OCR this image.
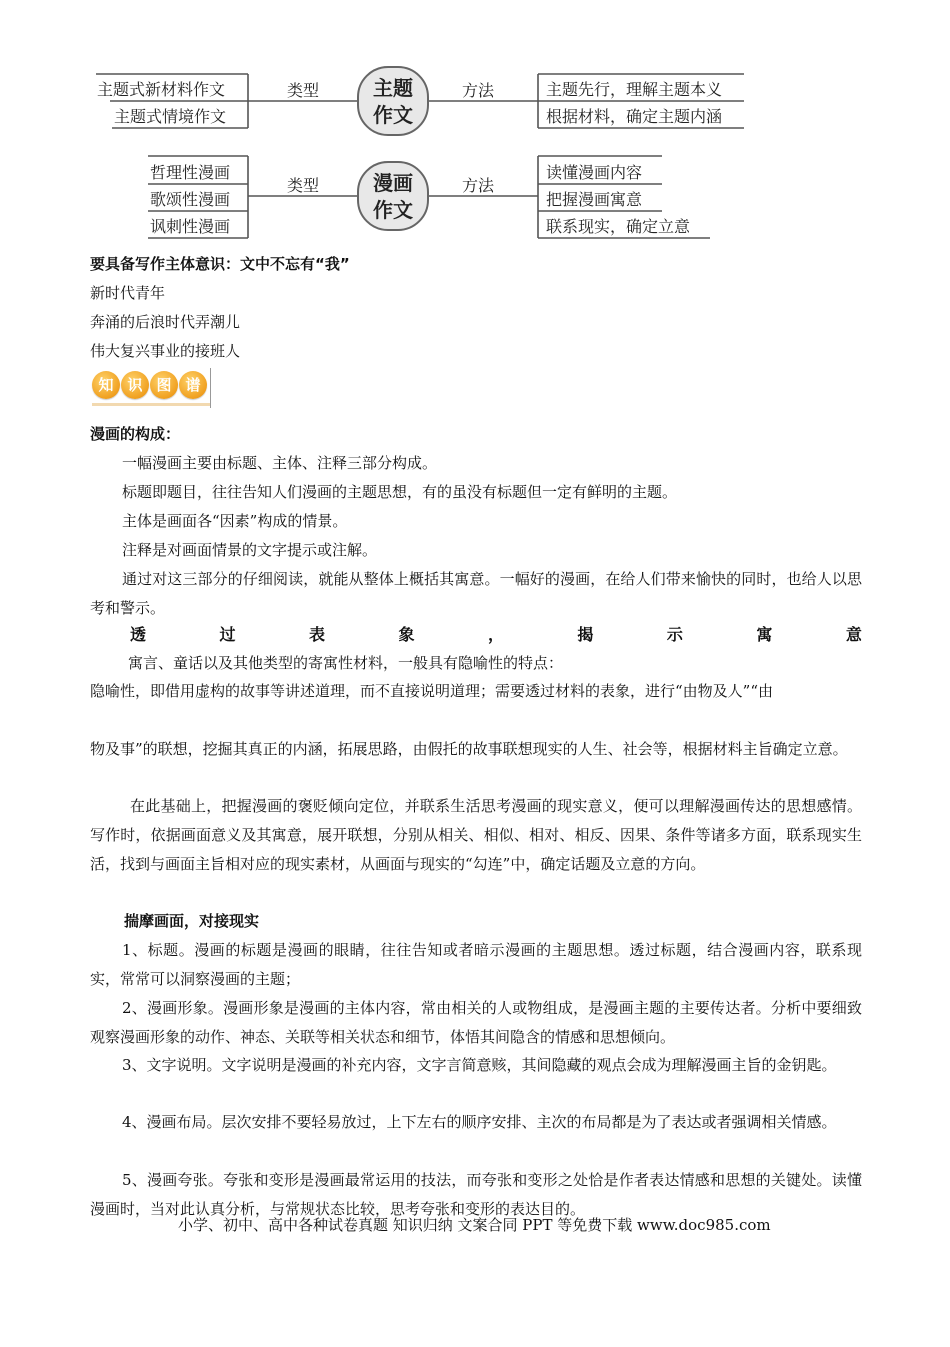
主题
作文
类型	方法
主题式新材料作文
主题式情境作文
主题先行，理解主题本义
根据材料，确定主题内涵
漫画
作文
类型	方法
哲理性漫画
歌颂性漫画
讽刺性漫画
读懂漫画内容
把握漫画寓意
联系现实，确定立意
要具备写作主体意识：文中不忘有“我”
新时代青年
奔涌的后浪时代弄潮儿
伟大复兴事业的接班人
知 识 图 谱
漫画的构成：
一幅漫画主要由标题、主体、注释三部分构成。
标题即题目，往往告知人们漫画的主题思想，有的虽没有标题但一定有鲜明的主题。
主体是画面各“因素”构成的情景。
注释是对画面情景的文字提示或注解。
通过对这三部分的仔细阅读，就能从整体上概括其寓意。一幅好的漫画，在给人们带来愉快的同时，也给人以思考和警示。
透	过	表	象	，	揭	示	寓	意
寓言、童话以及其他类型的寄寓性材料，一般具有隐喻性的特点：
隐喻性，即借用虚构的故事等讲述道理，而不直接说明道理；需要透过材料的表象，进行“由物及人”“由
物及事”的联想，挖掘其真正的内涵，拓展思路，由假托的故事联想现实的人生、社会等，根据材料主旨确定立意。
在此基础上，把握漫画的褒贬倾向定位，并联系生活思考漫画的现实意义，便可以理解漫画传达的思想感情。写作时，依据画面意义及其寓意，展开联想，分别从相关、相似、相对、相反、因果、条件等诸多方面，联系现实生活，找到与画面主旨相对应的现实素材，从画面与现实的“勾连”中，确定话题及立意的方向。
揣摩画面，对接现实
1、标题。漫画的标题是漫画的眼睛，往往告知或者暗示漫画的主题思想。透过标题，结合漫画内容，联系现实，常常可以洞察漫画的主题；
2、漫画形象。漫画形象是漫画的主体内容，常由相关的人或物组成，是漫画主题的主要传达者。分析中要细致观察漫画形象的动作、神态、关联等相关状态和细节，体悟其间隐含的情感和思想倾向。
3、文字说明。文字说明是漫画的补充内容，文字言简意赅，其间隐藏的观点会成为理解漫画主旨的金钥匙。
4、漫画布局。层次安排不要轻易放过，上下左右的顺序安排、主次的布局都是为了表达或者强调相关情感。
5、漫画夸张。夸张和变形是漫画最常运用的技法，而夸张和变形之处恰是作者表达情感和思想的关键处。读懂漫画时，当对此认真分析，与常规状态比较，思考夸张和变形的表达目的。
小学、初中、高中各种试卷真题 知识归纳 文案合同 PPT 等免费下载 www.doc985.com
